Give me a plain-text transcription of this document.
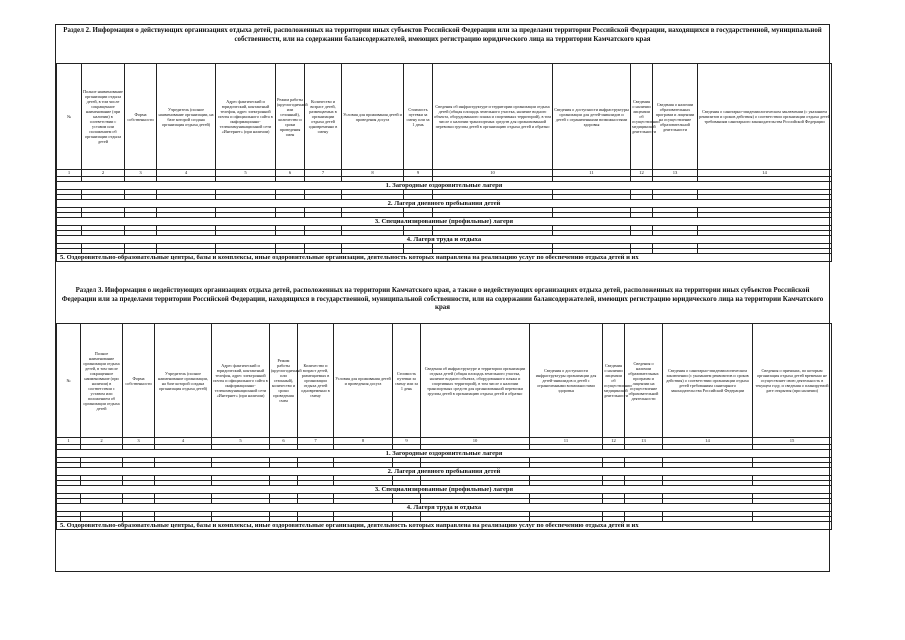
Раздел 2. Информация о действующих организациях отдыха детей, расположенных на территории иных субъектов Российской Федерации или за пределами территории Российской Федерации, находящихся в государственной, муниципальной собственности, или на содержании балансодержателей, имеющих регистрацию юридического лица на территории Камчатского края
№	Полное наименование организации отдыха детей, в том числе сокращенное наименование (при наличии) в соответствии с уставом или положением об организации отдыха детей	Форма собственности	Учредитель (полное наименование организации, на базе которой создана организация отдыха детей)	Адрес фактический и юридический, контактный телефон, адрес электронной почты и официального сайта в информационно-телекоммуникационной сети «Интернет» (при наличии)	Режим работы (круглогодичный или сезонный), количество и сроки проведения смен	Количество и возраст детей, размещаемых в организации отдыха детей одновременно в смену	Условия для проживания детей и проведения досуга	Стоимость путевки за смену или за 1 день	Сведения об инфраструктуре и территории организации отдыха детей (общая площадь земельного участка, наличие водного объекта, оборудованного пляжа и спортивных территорий), в том числе о наличии транспортных средств для организованной перевозки группы детей в организацию отдыха детей и обратно	Сведения о доступности инфраструктуры организации для детей-инвалидов и детей с ограниченными возможностями здоровья	Сведения о наличии лицензии об осуществлении медицинской деятельности	Сведения о наличии образовательных программ и лицензии на осуществление образовательной деятельности	Сведения о санитарно-эпидемиологическом заключении (с указанием реквизитов и сроков действия) о соответствии организации отдыха детей требованиям санитарного законодательства Российской Федерации
1	2	3	4	5	6	7	8	9	10	11	12	13	14

1. Загородные оздоровительные лагеря													

2. Лагеря дневного пребывания детей													

3. Специализированные (профильные) лагеря													

4. Лагеря труда и отдыха													

5. Оздоровительно-образовательные центры, базы и комплексы, иные оздоровительные организации, деятельность которых направлена на реализацию услуг по обеспечению отдыха детей и их													
Раздел 3. Информация о недействующих организациях отдыха детей, расположенных на территории Камчатского края, а также о недействующих организациях отдыха детей, расположенных на территории иных субъектов Российской Федерации или за пределами территории Российской Федерации, находящихся в государственной, муниципальной собственности, или на содержании балансодержателей, имеющих регистрацию юридического лица на территории Камчатского края
№	Полное наименование организации отдыха детей, в том числе сокращенное наименование (при наличии) в соответствии с уставом или положением об организации отдыха детей	Форма собственности	Учредитель (полное наименование организации, на базе которой создана организация отдыха детей)	Адрес фактический и юридический, контактный телефон, адрес электронной почты и официального сайта в информационно-телекоммуникационной сети «Интернет» (при наличии)	Режим работы (круглогодичный или сезонный), количество и сроки проведения смен	Количество и возраст детей, размещаемых в организации отдыха детей одновременно в смену	Условия для проживания детей и проведения досуга	Стоимость путевки за смену или за 1 день	Сведения об инфраструктуре и территории организации отдыха детей (общая площадь земельного участка, наличие водного объекта, оборудованного пляжа и спортивных территорий), в том числе о наличии транспортных средств для организованной перевозки группы детей в организацию отдыха детей и обратно	Сведения о доступности инфраструктуры организации для детей-инвалидов и детей с ограниченными возможностями здоровья	Сведения о наличии лицензии об осуществлении медицинской деятельности	Сведения о наличии образовательных программ и лицензии на осуществление образовательной деятельности	Сведения о санитарно-эпидемиологическом заключении (с указанием реквизитов и сроков действия) о соответствии организации отдыха детей требованиям санитарного законодательства Российской Федерации	Сведения о причинах, по которым организация отдыха детей временно не осуществляет свою деятельность в текущем году, и сведения о планируемой дате открытия (при наличии)
1	2	3	4	5	6	7	8	9	10	11	12	13	14	15

1. Загородные оздоровительные лагеря														

2. Лагеря дневного пребывания детей														

3. Специализированные (профильные) лагеря														

4. Лагеря труда и отдыха														

5. Оздоровительно-образовательные центры, базы и комплексы, иные оздоровительные организации, деятельность которых направлена на реализацию услуг по обеспечению отдыха детей и их														
